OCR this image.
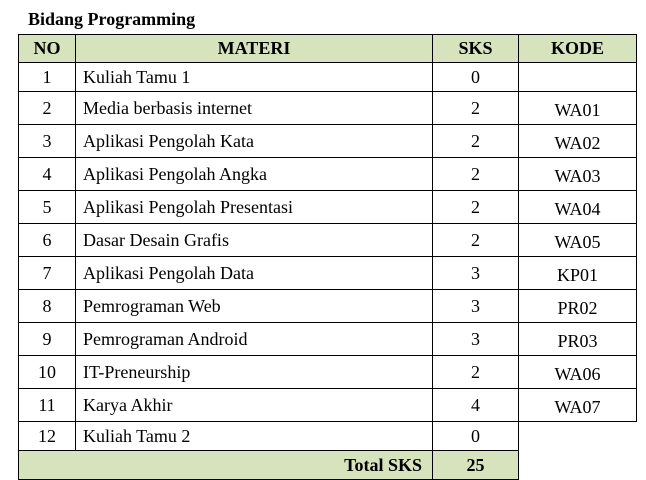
Bidang Programming
NO	MATERI	SKS	KODE
1	Kuliah Tamu 1	0	
2	Media berbasis internet	2	WA01
3	Aplikasi Pengolah Kata	2	WA02
4	Aplikasi Pengolah Angka	2	WA03
5	Aplikasi Pengolah Presentasi	2	WA04
6	Dasar Desain Grafis	2	WA05
7	Aplikasi Pengolah Data	3	KP01
8	Pemrograman Web	3	PR02
9	Pemrograman Android	3	PR03
10	IT-Preneurship	2	WA06
11	Karya Akhir	4	WA07
12	Kuliah Tamu 2	0	
Total SKS		25	
